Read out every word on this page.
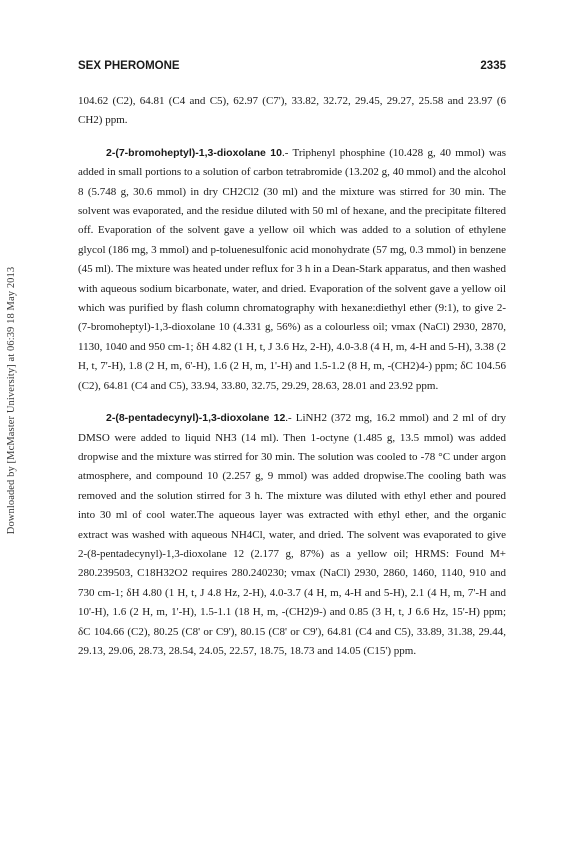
Downloaded by [McMaster University] at 06:39 18 May 2013
SEX PHEROMONE	2335

104.62 (C2), 64.81 (C4 and C5), 62.97 (C7'), 33.82, 32.72, 29.45, 29.27, 25.58 and 23.97 (6 CH2) ppm.

2-(7-bromoheptyl)-1,3-dioxolane 10.- Triphenyl phosphine (10.428 g, 40 mmol) was added in small portions to a solution of carbon tetrabromide (13.202 g, 40 mmol) and the alcohol 8 (5.748 g, 30.6 mmol) in dry CH2Cl2 (30 ml) and the mixture was stirred for 30 min. The solvent was evaporated, and the residue diluted with 50 ml of hexane, and the precipitate filtered off. Evaporation of the solvent gave a yellow oil which was added to a solution of ethylene glycol (186 mg, 3 mmol) and p-toluenesulfonic acid monohydrate (57 mg, 0.3 mmol) in benzene (45 ml). The mixture was heated under reflux for 3 h in a Dean-Stark apparatus, and then washed with aqueous sodium bicarbonate, water, and dried. Evaporation of the solvent gave a yellow oil which was purified by flash column chromatography with hexane:diethyl ether (9:1), to give 2-(7-bromoheptyl)-1,3-dioxolane 10 (4.331 g, 56%) as a colourless oil; vmax (NaCl) 2930, 2870, 1130, 1040 and 950 cm-1; δH 4.82 (1 H, t, J 3.6 Hz, 2-H), 4.0-3.8 (4 H, m, 4-H and 5-H), 3.38 (2 H, t, 7'-H), 1.8 (2 H, m, 6'-H), 1.6 (2 H, m, 1'-H) and 1.5-1.2 (8 H, m, -(CH2)4-) ppm; δC 104.56 (C2), 64.81 (C4 and C5), 33.94, 33.80, 32.75, 29.29, 28.63, 28.01 and 23.92 ppm.

2-(8-pentadecynyl)-1,3-dioxolane 12.- LiNH2 (372 mg, 16.2 mmol) and 2 ml of dry DMSO were added to liquid NH3 (14 ml). Then 1-octyne (1.485 g, 13.5 mmol) was added dropwise and the mixture was stirred for 30 min. The solution was cooled to -78 °C under argon atmosphere, and compound 10 (2.257 g, 9 mmol) was added dropwise.The cooling bath was removed and the solution stirred for 3 h. The mixture was diluted with ethyl ether and poured into 30 ml of cool water.The aqueous layer was extracted with ethyl ether, and the organic extract was washed with aqueous NH4Cl, water, and dried. The solvent was evaporated to give 2-(8-pentadecynyl)-1,3-dioxolane 12 (2.177 g, 87%) as a yellow oil; HRMS: Found M+ 280.239503, C18H32O2 requires 280.240230; vmax (NaCl) 2930, 2860, 1460, 1140, 910 and 730 cm-1; δH 4.80 (1 H, t, J 4.8 Hz, 2-H), 4.0-3.7 (4 H, m, 4-H and 5-H), 2.1 (4 H, m, 7'-H and 10'-H), 1.6 (2 H, m, 1'-H), 1.5-1.1 (18 H, m, -(CH2)9-) and 0.85 (3 H, t, J 6.6 Hz, 15'-H) ppm; δC 104.66 (C2), 80.25 (C8' or C9'), 80.15 (C8' or C9'), 64.81 (C4 and C5), 33.89, 31.38, 29.44, 29.13, 29.06, 28.73, 28.54, 24.05, 22.57, 18.75, 18.73 and 14.05 (C15') ppm.
